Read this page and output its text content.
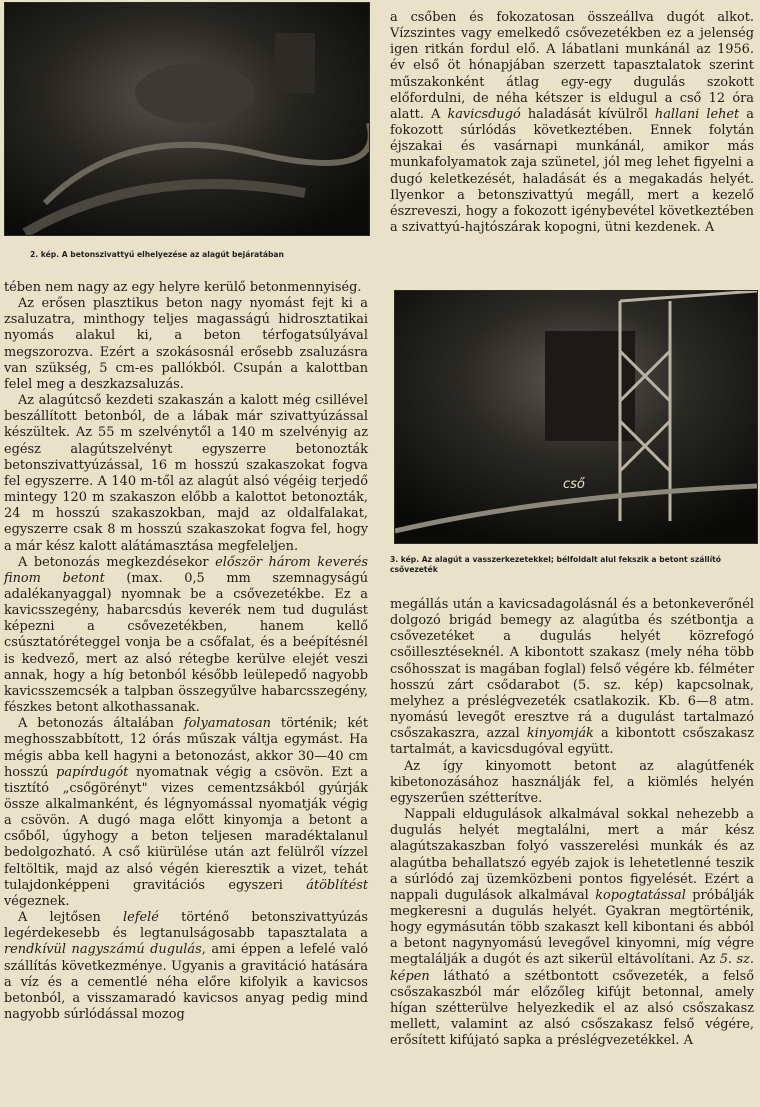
2. kép. A betonszivattyú elhelyezése az alagút bejáratában
cső
3. kép. Az alagút a vasszerkezetekkel; bélfoldalt alul fekszik a betont szállító csővezeték

tében nem nagy az egy helyre kerülő betonmennyiség.

Az erősen plasztikus beton nagy nyomást fejt ki a zsaluzatra, minthogy teljes magasságú hidrosztatikai nyomás alakul ki, a beton térfogatsúlyával megszorozva. Ezért a szokásosnál erősebb zsaluzásra van szükség, 5 cm-es pallókból. Csupán a kalottban felel meg a deszkazsaluzás.

Az alagútcső kezdeti szakaszán a kalott még csillével beszállított betonból, de a lábak már szivattyúzással készültek. Az 55 m szelvénytől a 140 m szelvényig az egész alagútszelvényt egyszerre betonozták betonszivattyúzással, 16 m hosszú szakaszokat fogva fel egyszerre. A 140 m-től az alagút alsó végéig terjedő mintegy 120 m szakaszon előbb a kalottot betonozták, 24 m hosszú szakaszokban, majd az oldalfalakat, egyszerre csak 8 m hosszú szakaszokat fogva fel, hogy a már kész kalott alátámasztása megfeleljen.

A betonozás megkezdésekor először három keverés finom betont (max. 0,5 mm szemnagyságú adalékanyaggal) nyomnak be a csővezetékbe. Ez a kavicsszegény, habarcsdús keverék nem tud dugulást képezni a csővezetékben, hanem kellő csúsztatóréteggel vonja be a csőfalat, és a beépítésnél is kedvező, mert az alsó rétegbe kerülve elejét veszi annak, hogy a híg betonból később leülepedő nagyobb kavicsszemcsék a talpban összegyűlve habarcsszegény, fészkes betont alkothassanak.

A betonozás általában folyamatosan történik; két meghosszabbított, 12 órás műszak váltja egymást. Ha mégis abba kell hagyni a betonozást, akkor 30—40 cm hosszú papírdugót nyomatnak végig a csövön. Ezt a tisztító „csőgörényt" vizes cementzsákból gyúrják össze alkalmanként, és légnyomással nyomatják végig a csövön. A dugó maga előtt kinyomja a betont a csőből, úgyhogy a beton teljesen maradéktalanul bedolgozható. A cső kiürülése után azt felülről vízzel feltöltik, majd az alsó végén kieresztik a vizet, tehát tulajdonképpeni gravitációs egyszeri átöblítést végeznek.

A lejtősen lefelé történő betonszivattyúzás legérdekesebb és legtanulságosabb tapasztalata a rendkívül nagyszámú dugulás, ami éppen a lefelé való szállítás következménye. Ugyanis a gravitáció hatására a víz és a cementlé néha előre kifolyik a kavicsos betonból, a visszamaradó kavicsos anyag pedig mind nagyobb súrlódással mozog

a csőben és fokozatosan összeállva dugót alkot. Vízszintes vagy emelkedő csővezetékben ez a jelenség igen ritkán fordul elő. A lábatlani munkánál az 1956. év első öt hónapjában szerzett tapasztalatok szerint műszakonként átlag egy-egy dugulás szokott előfordulni, de néha kétszer is eldugul a cső 12 óra alatt. A kavicsdugó haladását kívülről hallani lehet a fokozott súrlódás következtében. Ennek folytán éjszakai és vasárnapi munkánál, amikor más munkafolyamatok zaja szünetel, jól meg lehet figyelni a dugó keletkezését, haladását és a megakadás helyét. Ilyenkor a betonszivattyú megáll, mert a kezelő észreveszi, hogy a fokozott igénybevétel következtében a szivattyú-hajtószárak kopogni, ütni kezdenek. A

megállás után a kavicsadagolásnál és a betonkeverőnél dolgozó brigád bemegy az alagútba és szétbontja a csővezetéket a dugulás helyét közrefogó csőillesztéseknél. A kibontott szakasz (mely néha több csőhosszat is magában foglal) felső végére kb. félméter hosszú zárt csődarabot (5. sz. kép) kapcsolnak, melyhez a préslégvezeték csatlakozik. Kb. 6—8 atm. nyomású levegőt eresztve rá a dugulást tartalmazó csőszakaszra, azzal kinyomják a kibontott csőszakasz tartalmát, a kavicsdugóval együtt.

Az így kinyomott betont az alagútfenék kibetonozásához használják fel, a kiömlés helyén egyszerűen szétterítve.

Nappali eldugulások alkalmával sokkal nehezebb a dugulás helyét megtalálni, mert a már kész alagútszakaszban folyó vasszerelési munkák és az alagútba behallatszó egyéb zajok is lehetetlenné teszik a súrlódó zaj üzemközbeni pontos figyelését. Ezért a nappali dugulások alkalmával kopogtatással próbálják megkeresni a dugulás helyét. Gyakran megtörténik, hogy egymásután több szakaszt kell kibontani és abból a betont nagynyomású levegővel kinyomni, míg végre megtalálják a dugót és azt sikerül eltávolítani. Az 5. sz. képen látható a szétbontott csővezeték, a felső csőszakaszból már előzőleg kifújt betonnal, amely hígan szétterülve helyezkedik el az alsó csőszakasz mellett, valamint az alsó csőszakasz felső végére, erősített kifújató sapka a préslégvezetékkel. A
